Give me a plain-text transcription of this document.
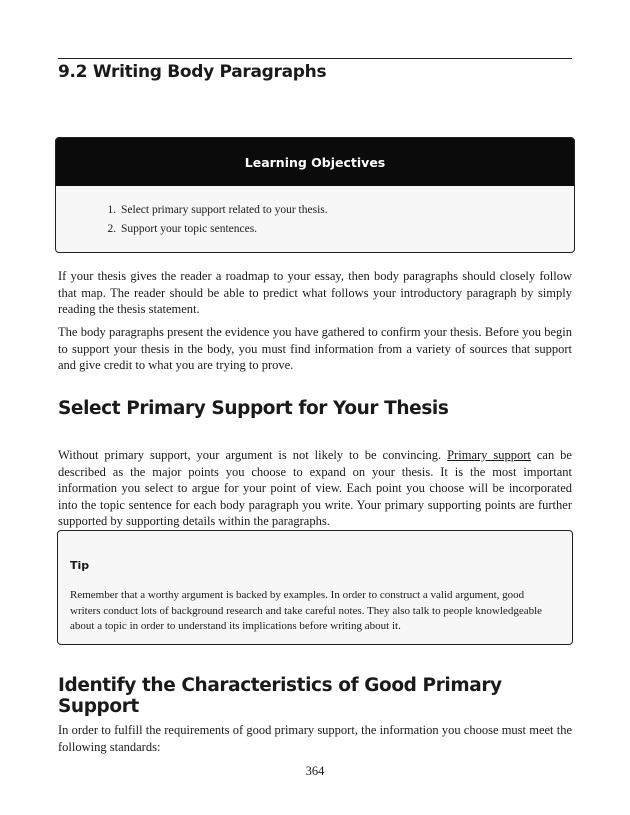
9.2 Writing Body Paragraphs
Learning Objectives
1. Select primary support related to your thesis.
2. Support your topic sentences.

If your thesis gives the reader a roadmap to your essay, then body paragraphs should closely follow that map. The reader should be able to predict what follows your introductory paragraph by simply reading the thesis statement.

The body paragraphs present the evidence you have gathered to confirm your thesis. Before you begin to support your thesis in the body, you must find information from a variety of sources that support and give credit to what you are trying to prove.

Select Primary Support for Your Thesis

Without primary support, your argument is not likely to be convincing. Primary support can be described as the major points you choose to expand on your thesis. It is the most important information you select to argue for your point of view. Each point you choose will be incorporated into the topic sentence for each body paragraph you write. Your primary supporting points are further supported by supporting details within the paragraphs.

Tip

Remember that a worthy argument is backed by examples. In order to construct a valid argument, good writers conduct lots of background research and take careful notes. They also talk to people knowledgeable about a topic in order to understand its implications before writing about it.

Identify the Characteristics of Good Primary Support

In order to fulfill the requirements of good primary support, the information you choose must meet the following standards:

364
